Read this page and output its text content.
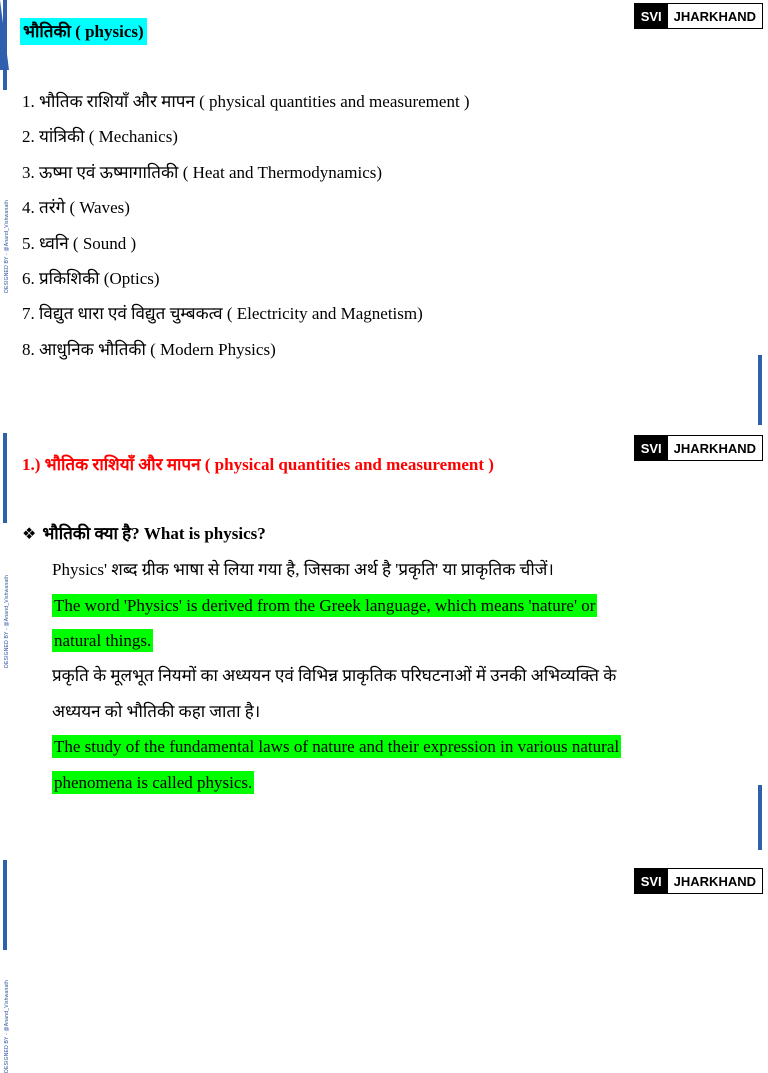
DESIGNED BY - @Anand_Vishwanath
SVI JHARKHAND
भौतिकी ( physics)
1. भौतिक राशियाँ और मापन ( physical quantities and measurement )
2. यांत्रिकी ( Mechanics)
3. ऊष्मा एवं ऊष्मागातिकी ( Heat and Thermodynamics)
4. तरंगे ( Waves)
5. ध्वनि ( Sound )
6. प्रकिशिकी (Optics)
7. विद्युत धारा एवं विद्युत चुम्बकत्व ( Electricity and Magnetism)
8. आधुनिक भौतिकी ( Modern Physics)
DESIGNED BY - @Anand_Vishwanath
SVI JHARKHAND
1.) भौतिक राशियाँ और मापन ( physical quantities and measurement )
❖ भौतिकी क्या है? What is physics?
Physics' शब्द ग्रीक भाषा से लिया गया है, जिसका अर्थ है 'प्रकृति' या प्राकृतिक चीजें।
The word 'Physics' is derived from the Greek language, which means 'nature' or
natural things.
प्रकृति के मूलभूत नियमों का अध्ययन एवं विभिन्न प्राकृतिक परिघटनाओं में उनकी अभिव्यक्ति के
अध्ययन को भौतिकी कहा जाता है।
The study of the fundamental laws of nature and their expression in various natural
phenomena is called physics.
DESIGNED BY - @Anand_Vishwanath
SVI JHARKHAND
